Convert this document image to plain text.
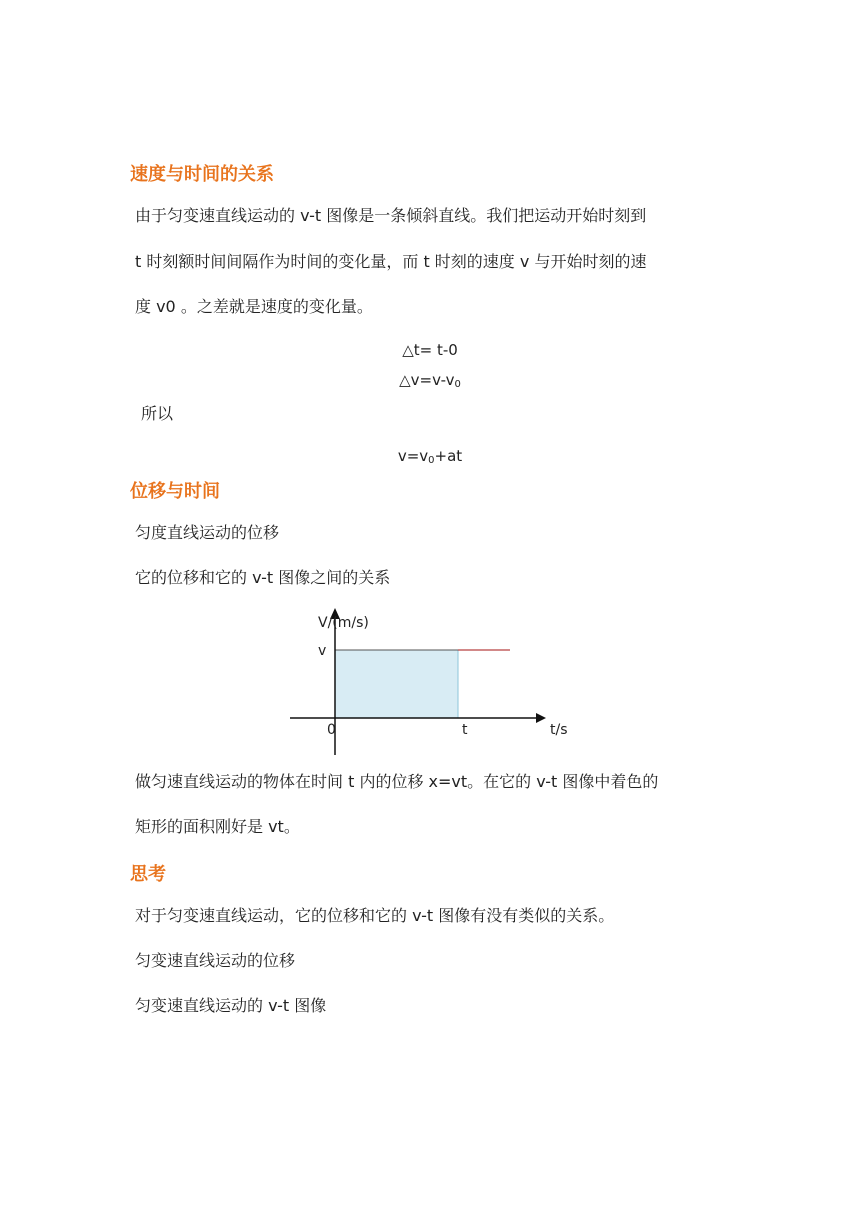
速度与时间的关系
由于匀变速直线运动的 v-t 图像是一条倾斜直线。我们把运动开始时刻到
t 时刻额时间间隔作为时间的变化量，而 t 时刻的速度 v 与开始时刻的速
度 v0 。之差就是速度的变化量。
△t= t-0
$\triangle v=v-v_0$
所以
$v=v_0+at$
位移与时间
匀度直线运动的位移
它的位移和它的 v-t 图像之间的关系
V/(m/s)
v
0	t	t/s
做匀速直线运动的物体在时间 t 内的位移 x=vt。在它的 v-t 图像中着色的
矩形的面积刚好是 vt。
思考
对于匀变速直线运动，它的位移和它的 v-t 图像有没有类似的关系。
匀变速直线运动的位移
匀变速直线运动的 v-t 图像
